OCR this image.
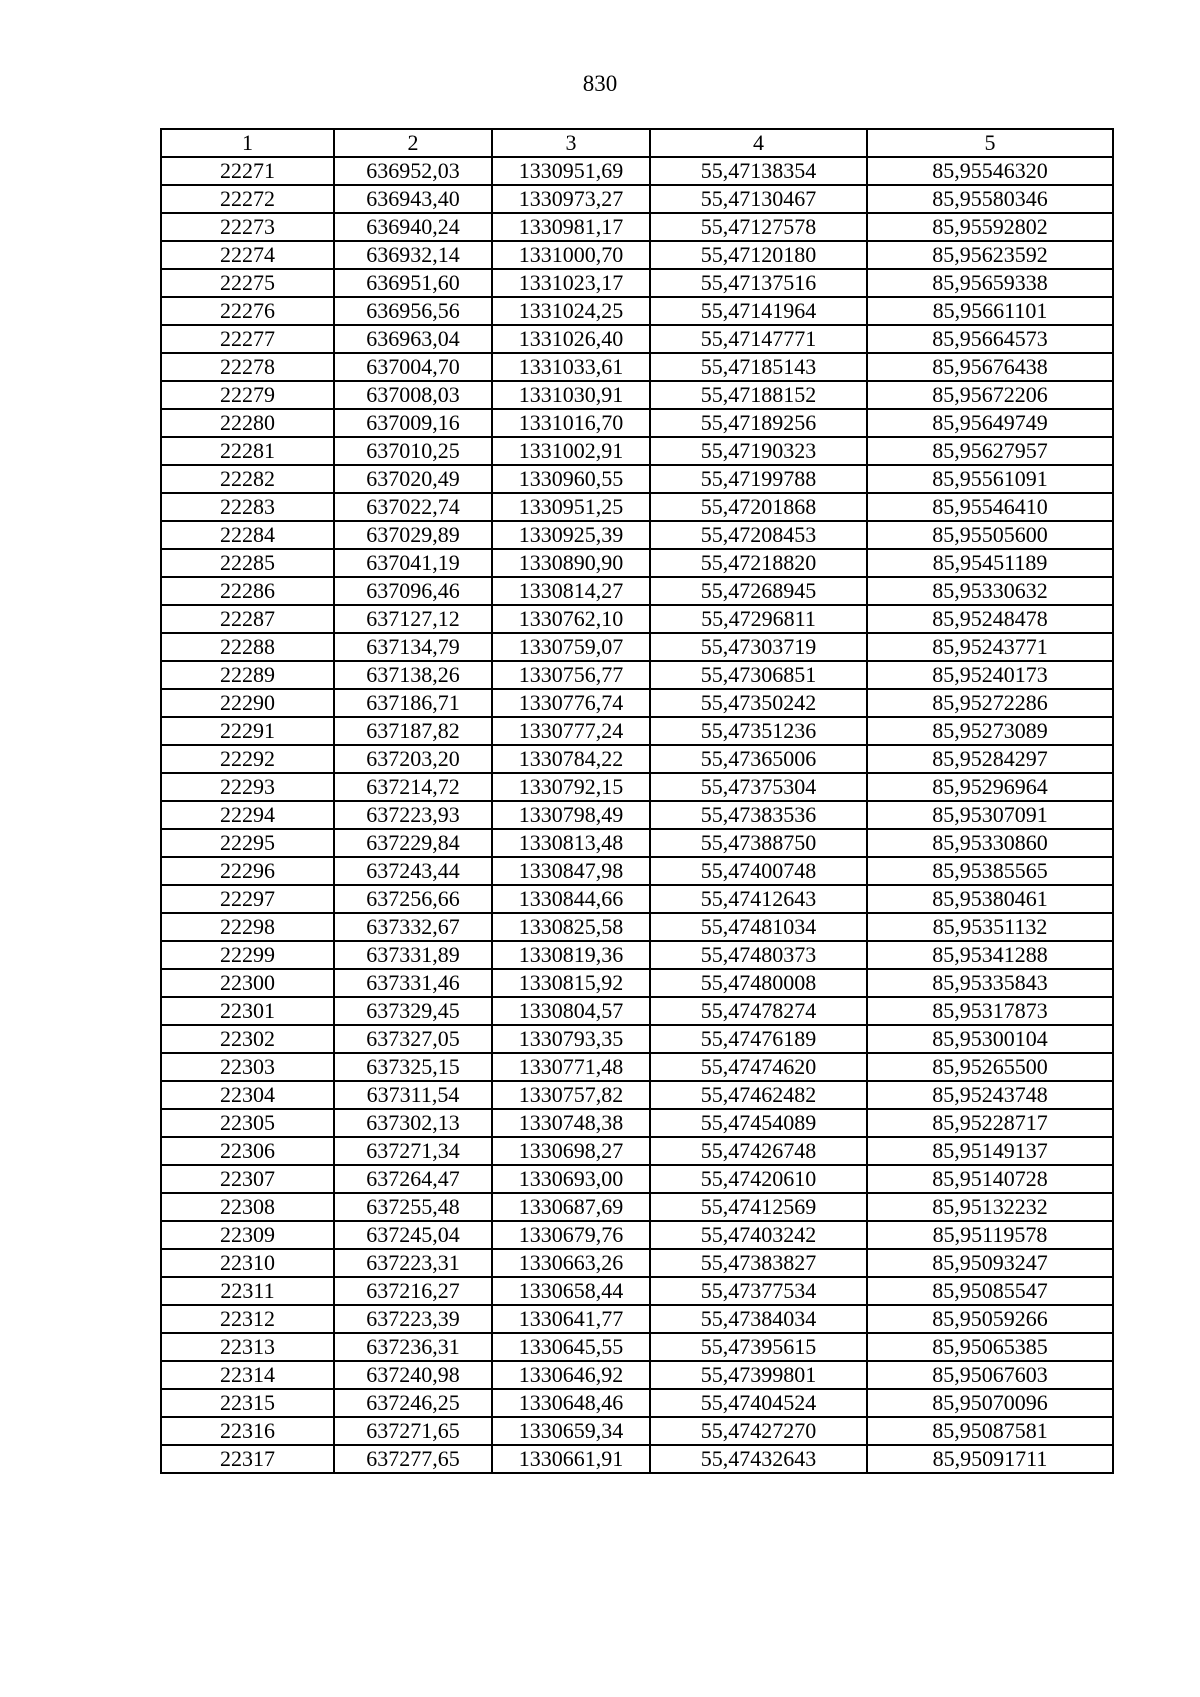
830
1	2	3	4	5
22271	636952,03	1330951,69	55,47138354	85,95546320
22272	636943,40	1330973,27	55,47130467	85,95580346
22273	636940,24	1330981,17	55,47127578	85,95592802
22274	636932,14	1331000,70	55,47120180	85,95623592
22275	636951,60	1331023,17	55,47137516	85,95659338
22276	636956,56	1331024,25	55,47141964	85,95661101
22277	636963,04	1331026,40	55,47147771	85,95664573
22278	637004,70	1331033,61	55,47185143	85,95676438
22279	637008,03	1331030,91	55,47188152	85,95672206
22280	637009,16	1331016,70	55,47189256	85,95649749
22281	637010,25	1331002,91	55,47190323	85,95627957
22282	637020,49	1330960,55	55,47199788	85,95561091
22283	637022,74	1330951,25	55,47201868	85,95546410
22284	637029,89	1330925,39	55,47208453	85,95505600
22285	637041,19	1330890,90	55,47218820	85,95451189
22286	637096,46	1330814,27	55,47268945	85,95330632
22287	637127,12	1330762,10	55,47296811	85,95248478
22288	637134,79	1330759,07	55,47303719	85,95243771
22289	637138,26	1330756,77	55,47306851	85,95240173
22290	637186,71	1330776,74	55,47350242	85,95272286
22291	637187,82	1330777,24	55,47351236	85,95273089
22292	637203,20	1330784,22	55,47365006	85,95284297
22293	637214,72	1330792,15	55,47375304	85,95296964
22294	637223,93	1330798,49	55,47383536	85,95307091
22295	637229,84	1330813,48	55,47388750	85,95330860
22296	637243,44	1330847,98	55,47400748	85,95385565
22297	637256,66	1330844,66	55,47412643	85,95380461
22298	637332,67	1330825,58	55,47481034	85,95351132
22299	637331,89	1330819,36	55,47480373	85,95341288
22300	637331,46	1330815,92	55,47480008	85,95335843
22301	637329,45	1330804,57	55,47478274	85,95317873
22302	637327,05	1330793,35	55,47476189	85,95300104
22303	637325,15	1330771,48	55,47474620	85,95265500
22304	637311,54	1330757,82	55,47462482	85,95243748
22305	637302,13	1330748,38	55,47454089	85,95228717
22306	637271,34	1330698,27	55,47426748	85,95149137
22307	637264,47	1330693,00	55,47420610	85,95140728
22308	637255,48	1330687,69	55,47412569	85,95132232
22309	637245,04	1330679,76	55,47403242	85,95119578
22310	637223,31	1330663,26	55,47383827	85,95093247
22311	637216,27	1330658,44	55,47377534	85,95085547
22312	637223,39	1330641,77	55,47384034	85,95059266
22313	637236,31	1330645,55	55,47395615	85,95065385
22314	637240,98	1330646,92	55,47399801	85,95067603
22315	637246,25	1330648,46	55,47404524	85,95070096
22316	637271,65	1330659,34	55,47427270	85,95087581
22317	637277,65	1330661,91	55,47432643	85,95091711
